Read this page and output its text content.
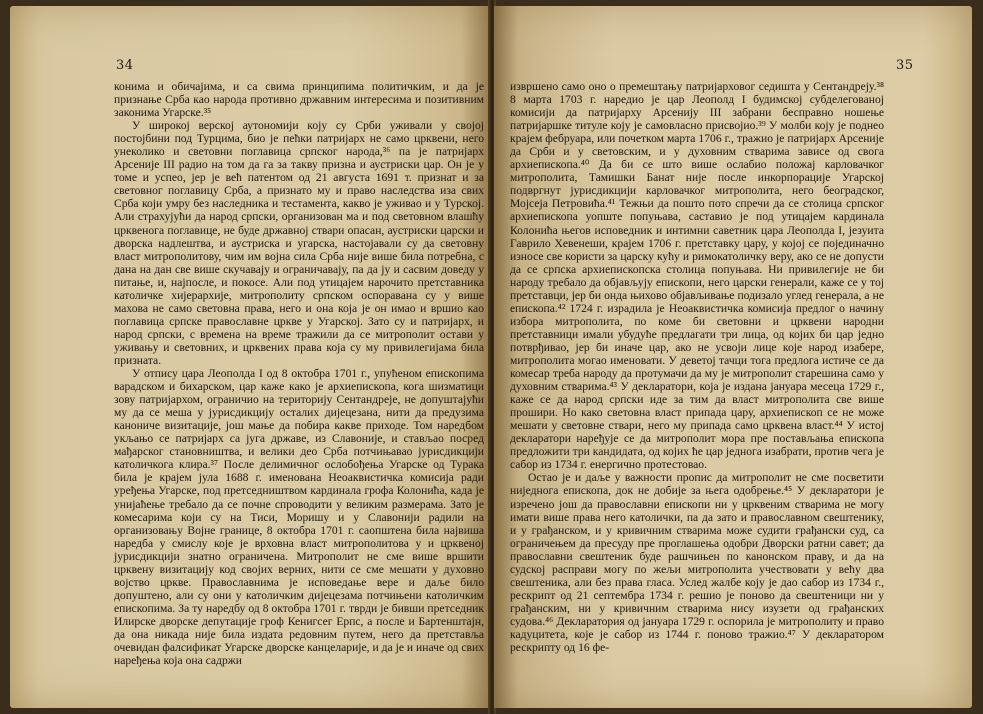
34

конима и обичајима, и са свима принципима политичким, и да је признање Срба као народа противно државним интересима и позитивним законима Угарске.³⁵

У широкој верској аутономији коју су Срби уживали у својој постојбини под Турцима, био је пећки патријарх не само црквени, него унеколико и световни поглавица српског народа,³⁶ па је патријарх Арсеније III радио на том да га за такву призна и аустриски цар. Он је у томе и успео, јер је већ патентом од 21 августа 1691 т. признат и за световног поглавицу Срба, а признато му и право наследства иза свих Срба који умру без наследника и тестамента, какво је уживао и у Турској. Али страхујући да народ српски, организован ма и под световном влашћу црквенога поглавице, не буде државној ствари опасан, аустриски царски и дворска надлештва, и аустриска и угарска, настојавали су да световну власт митрополитову, чим им војна сила Срба није више била потребна, с дана на дан све више скучавају и ограничавају, па да ју и сасвим доведу у питање, и, најпосле, и покосе. Али под утицајем нарочито претставника католичке хијерархије, митрополиту српском оспоравана су у више махова не само световна права, него и она која је он имао и вршио као поглавица српске православне цркве у Угарској. Зато су и патријарх, и народ српски, с времена на време тражили да се митрополит остави у уживању и световних, и црквених права која су му привилегијама била призната.

У отпису цара Леополда I од 8 октобра 1701 г., упућеном епископима варадском и бихарском, цар каже како је архиепископа, кога шизматици зову патријархом, ограничио на територију Сентандреје, не допуштајући му да се меша у јурисдикцију осталих дијецезана, нити да предузима канониче визитације, још мање да побира какве приходе. Том наредбом укљањо се патријарх са југа државе, из Славоније, и стављао посред мађарског становништва, и велики део Срба потчињавао јурисдикцији католичкога клира.³⁷ После делимичног ослобођења Угарске од Турака била је крајем јула 1688 г. именована Неоаквистичка комисија ради уређења Угарске, под претседништвом кардинала грофа Колонића, када је унијаћење требало да се почне спроводити у великим размерама. Зато је комесарима који су на Тиси, Моришу и у Славонији радили на организовању Војне границе, 8 октобра 1701 г. саопштена била највиша наредба у смислу које је врховна власт митрополитова у и црквеној јурисдикцији знатно ограничена. Митрополит не сме више вршити црквену визитацију код својих верних, нити се сме мешати у духовно војство цркве. Православнима је исповедање вере и даље било допуштено, али су они у католичким дијецезама потчињени католичким епископима. За ту наредбу од 8 октобра 1701 г. тврди је бивши претседник Илирске дворске депутације гроф Кенигсег Ерпс, а после и Бартенштајн, да она никада није била издата редовним путем, него да претставља очевидан фалсификат Угарске дворске канцеларије, и да је и иначе од свих наређења која она садржи

35

извршено само оно о премештању патријарховог седишта у Сентандреју.³⁸ 8 марта 1703 г. наредио је цар Леополд I будимској субделегованој комисији да патријарху Арсенију III забрани бесправно ношење патријаршке титуле коју је самовласно присвојио.³⁹ У молби коју је поднео крајем фебруара, или почетком марта 1706 г., тражио је патријарх Арсеније да Срби и у световским, и у духовним стварима зависе од свога архиепископа.⁴⁰ Да би се што више ослабио положај карловачког митрополита, Тамишки Банат није после инкорпорације Угарској подвргнут јурисдикцији карловачког митрополита, него београдског, Мојсеја Петровића.⁴¹ Тежњи да пошто пото спречи да се столица српског архиепископа уопште попуњава, саставио је под утицајем кардинала Колонића његов исповедник и интимни саветник цара Леополда I, језуита Гаврило Хевенеши, крајем 1706 г. претставку цару, у којој се појединачно износе све користи за царску кућу и римокатоличку веру, ако се не допусти да се српска архиепископска столица попуњава. Ни привилегије не би народу требало да објављују епископи, него царски генерали, каже се у тој претставци, јер би онда њихово објављивање подизало углед генерала, а не епископа.⁴² 1724 г. израдила је Неоаквистичка комисија предлог о начину избора митрополита, по коме би световни и црквени народни претставници имали убудуће предлагати три лица, од којих би цар једно потврђивао, јер би иначе цар, ако не усвоји лице које народ изабере, митрополита могао именовати. У деветој тачци тога предлога истиче се да комесар треба народу да протумачи да му је митрополит старешина само у духовним стварима.⁴³ У декларатори, која је издана јануара месеца 1729 г., каже се да народ српски иде за тим да власт митрополита све више прошири. Но како световна власт припада цару, архиепископ се не може мешати у световне ствари, него му припада само црквена власт.⁴⁴ У истој декларатори наређује се да митрополит мора пре постављања епископа предложити три кандидата, од којих ће цар једнога изабрати, против чега је сабор из 1734 г. енергично протестовао.

Остао је и даље у важности пропис да митрополит не сме посветити ниједнога епископа, док не добије за њега одобрење.⁴⁵ У декларатори је изречено још да православни епископи ни у црквеним стварима не могу имати више права него католички, па да зато и православном свештенику, и у грађанском, и у кривичним стварима може судити грађански суд, са ограничењем да пресуду пре проглашења одобри Дворски ратни савет; да православни свештеник буде рашчињен по канонском праву, и да на судској расправи могу по жељи митрополита учествовати у већу два свештеника, али без права гласа. Услед жалбе коју је дао сабор из 1734 г., рескрипт од 21 септембра 1734 г. решио је поново да свештеници ни у грађанским, ни у кривичним стварима нису изузети од грађанских судова.⁴⁶ Декларатория од јануара 1729 г. оспорила је митрополиту и право кадуцитета, које је сабор из 1744 г. поново тражио.⁴⁷ У декларатором рескрипту од 16 фе-
